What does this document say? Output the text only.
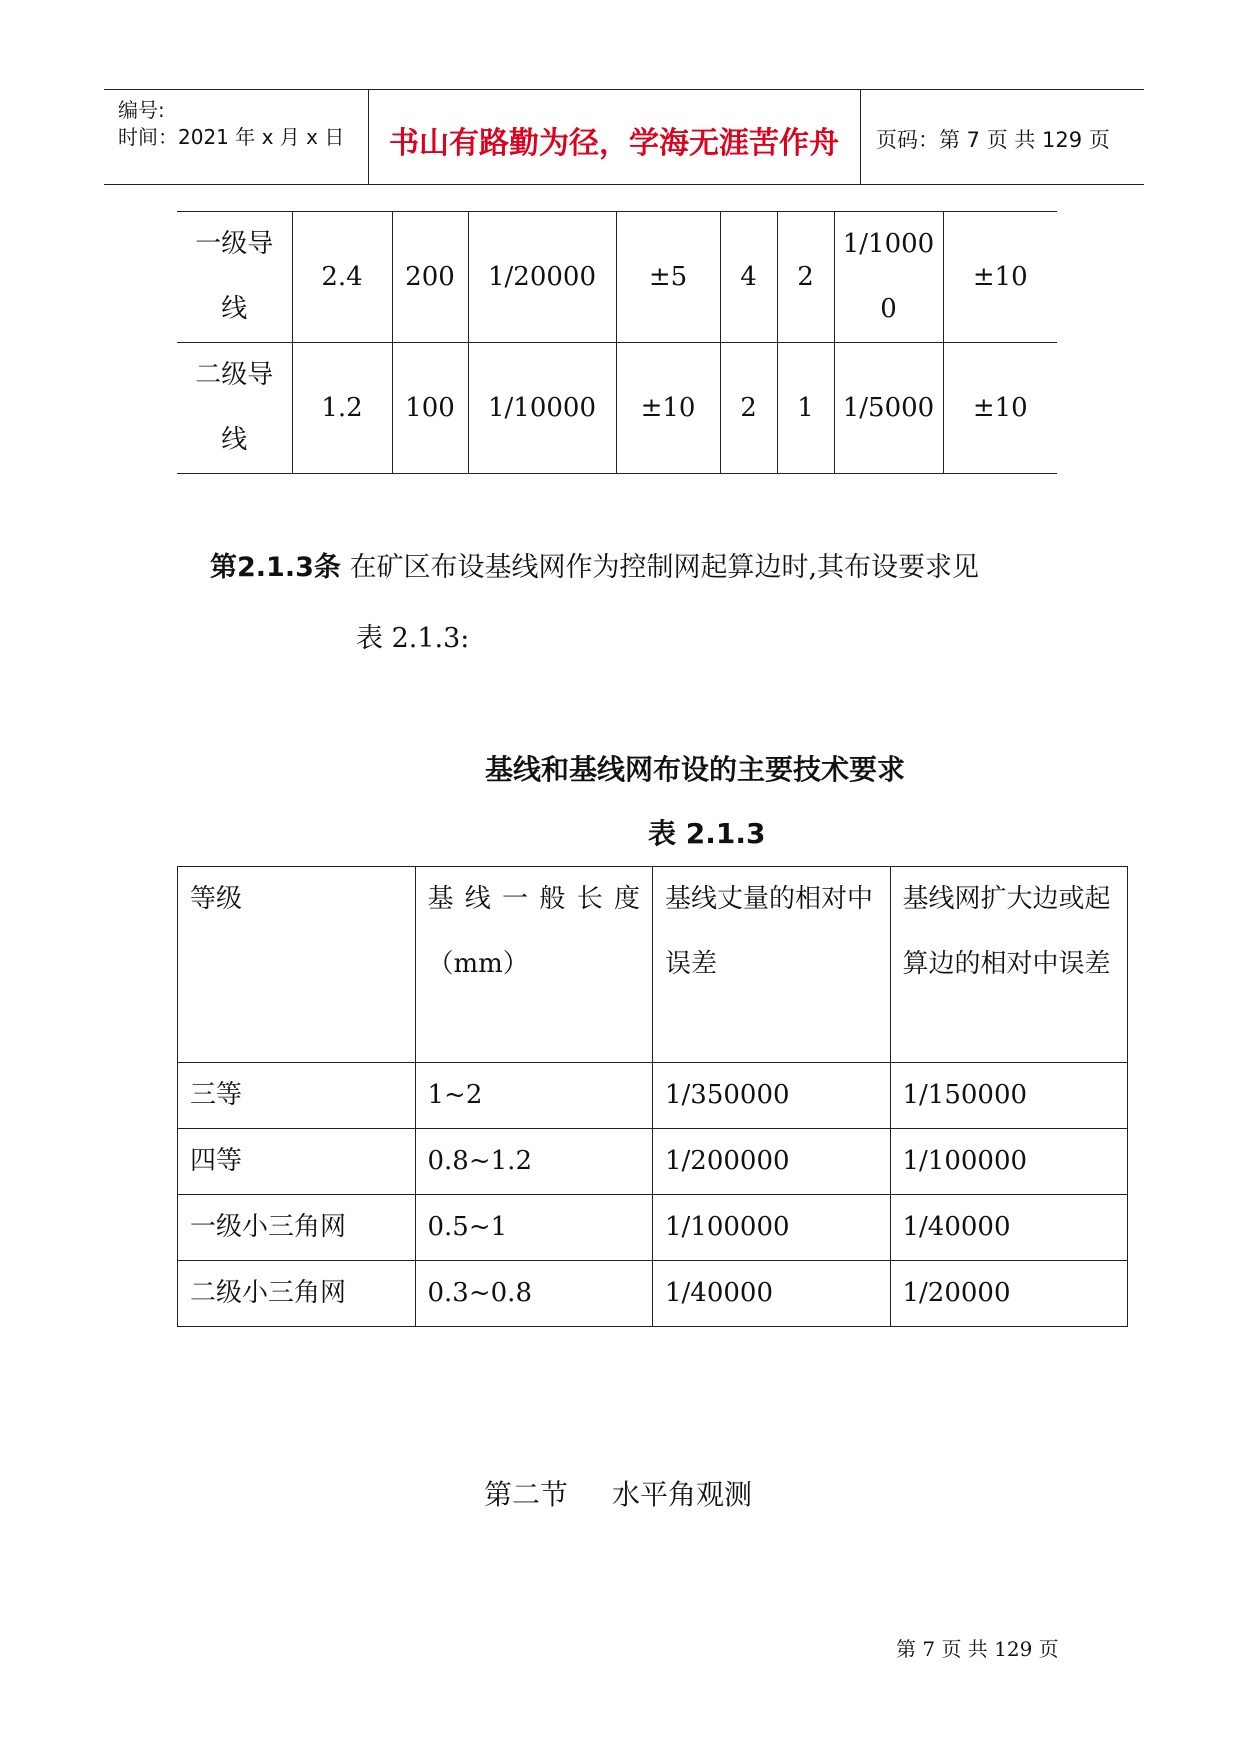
编号:
时间：2021 年 x 月 x 日	书山有路勤为径，学海无涯苦作舟	页码：第 7 页 共 129 页
一级导线	2.4	200	1/20000	±5	4	2	1/10000	±10
二级导线	1.2	100	1/10000	±10	2	1	1/5000	±10
第2.1.3条 在矿区布设基线网作为控制网起算边时,其布设要求见
表 2.1.3:
基线和基线网布设的主要技术要求
表 2.1.3
等级	基线一般长度（mm）	基线丈量的相对中误差	基线网扩大边或起算边的相对中误差
三等	1~2	1/350000	1/150000
四等	0.8~1.2	1/200000	1/100000
一级小三角网	0.5~1	1/100000	1/40000
二级小三角网	0.3~0.8	1/40000	1/20000
第二节 水平角观测
第 7 页 共 129 页
